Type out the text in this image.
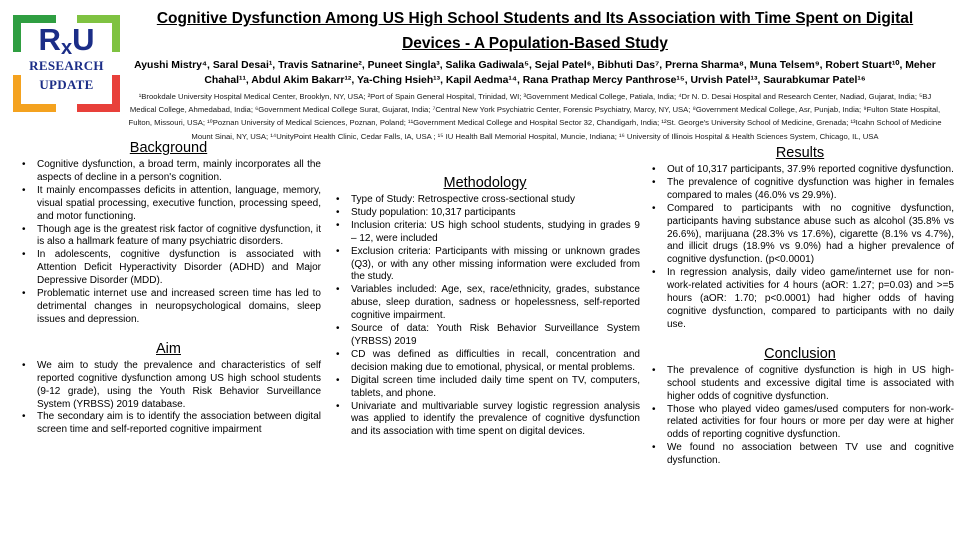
RxU
RESEARCH
UPDATE
Cognitive Dysfunction Among US High School Students and Its Association with Time Spent on Digital
Devices - A Population-Based Study
Ayushi Mistry⁴, Saral Desai¹, Travis Satnarine², Puneet Singla³, Salika Gadiwala⁵, Sejal Patel⁶, Bibhuti Das⁷, Prerna Sharma⁸, Muna Telsem⁹, Robert Stuart¹⁰, Meher Chahal¹¹, Abdul Akim Bakarr¹², Ya-Ching Hsieh¹³, Kapil Aedma¹⁴, Rana Prathap Mercy Panthrose¹⁵, Urvish Patel¹³, Saurabkumar Patel¹⁶
¹Brookdale University Hospital Medical Center, Brooklyn, NY, USA; ²Port of Spain General Hospital, Trinidad, WI; ³Government Medical College, Patiala, India; ⁴Dr N. D. Desai Hospital and Research Center, Nadiad, Gujarat, India; ⁵BJ Medical College, Ahmedabad, India; ⁶Government Medical College Surat, Gujarat, India; ⁷Central New York Psychiatric Center, Forensic Psychiatry, Marcy, NY, USA; ⁸Government Medical College, Asr, Punjab, India; ⁹Fulton State Hospital, Fulton, Missouri, USA; ¹⁰Poznan University of Medical Sciences, Poznan, Poland; ¹¹Government Medical College and Hospital Sector 32, Chandigarh, India; ¹²St. George's University School of Medicine, Grenada; ¹³Icahn School of Medicine Mount Sinai, NY, USA; ¹⁴UnityPoint Health Clinic, Cedar Falls, IA, USA ; ¹⁵ IU Health Ball Memorial Hospital, Muncie, Indiana; ¹⁶ University of Illinois Hospital & Health Sciences System, Chicago, IL, USA
Background
• Cognitive dysfunction, a broad term, mainly incorporates all the aspects of decline in a person's cognition.
• It mainly encompasses deficits in attention, language, memory, visual spatial processing, executive function, processing speed, and motor functioning.
• Though age is the greatest risk factor of cognitive dysfunction, it is also a hallmark feature of many psychiatric disorders.
• In adolescents, cognitive dysfunction is associated with Attention Deficit Hyperactivity Disorder (ADHD) and Major Depressive Disorder (MDD).
• Problematic internet use and increased screen time has led to detrimental changes in neuropsychological domains, sleep issues and depression.
Aim
• We aim to study the prevalence and characteristics of self reported cognitive dysfunction among US high school students (9-12 grade), using the Youth Risk Behavior Surveillance System (YRBSS) 2019 database.
• The secondary aim is to identify the association between digital screen time and self-reported cognitive impairment
Methodology
• Type of Study: Retrospective cross-sectional study
• Study population: 10,317 participants
• Inclusion criteria: US high school students, studying in grades 9 – 12, were included
• Exclusion criteria: Participants with missing or unknown grades (Q3), or with any other missing information were excluded from the study.
• Variables included: Age, sex, race/ethnicity, grades, substance abuse, sleep duration, sadness or hopelessness, self-reported cognitive impairment.
• Source of data: Youth Risk Behavior Surveillance System (YRBSS) 2019
• CD was defined as difficulties in recall, concentration and decision making due to emotional, physical, or mental problems.
• Digital screen time included daily time spent on TV, computers, tablets, and phone.
• Univariate and multivariable survey logistic regression analysis was applied to identify the prevalence of cognitive dysfunction and its association with time spent on digital devices.
Results
• Out of 10,317 participants, 37.9% reported cognitive dysfunction.
• The prevalence of cognitive dysfunction was higher in females compared to males (46.0% vs 29.9%).
• Compared to participants with no cognitive dysfunction, participants having substance abuse such as alcohol (35.8% vs 26.6%), marijuana (28.3% vs 17.6%), cigarette (8.1% vs 4.7%), and illicit drugs (18.9% vs 9.0%) had a higher prevalence of cognitive dysfunction. (p<0.0001)
• In regression analysis, daily video game/internet use for non-work-related activities for 4 hours (aOR: 1.27; p=0.03) and >=5 hours (aOR: 1.70; p<0.0001) had higher odds of having cognitive dysfunction, compared to participants with no daily use.
Conclusion
• The prevalence of cognitive dysfunction is high in US high-school students and excessive digital time is associated with higher odds of cognitive dysfunction.
• Those who played video games/used computers for non-work-related activities for four hours or more per day were at higher odds of reporting cognitive dysfunction.
• We found no association between TV use and cognitive dysfunction.
